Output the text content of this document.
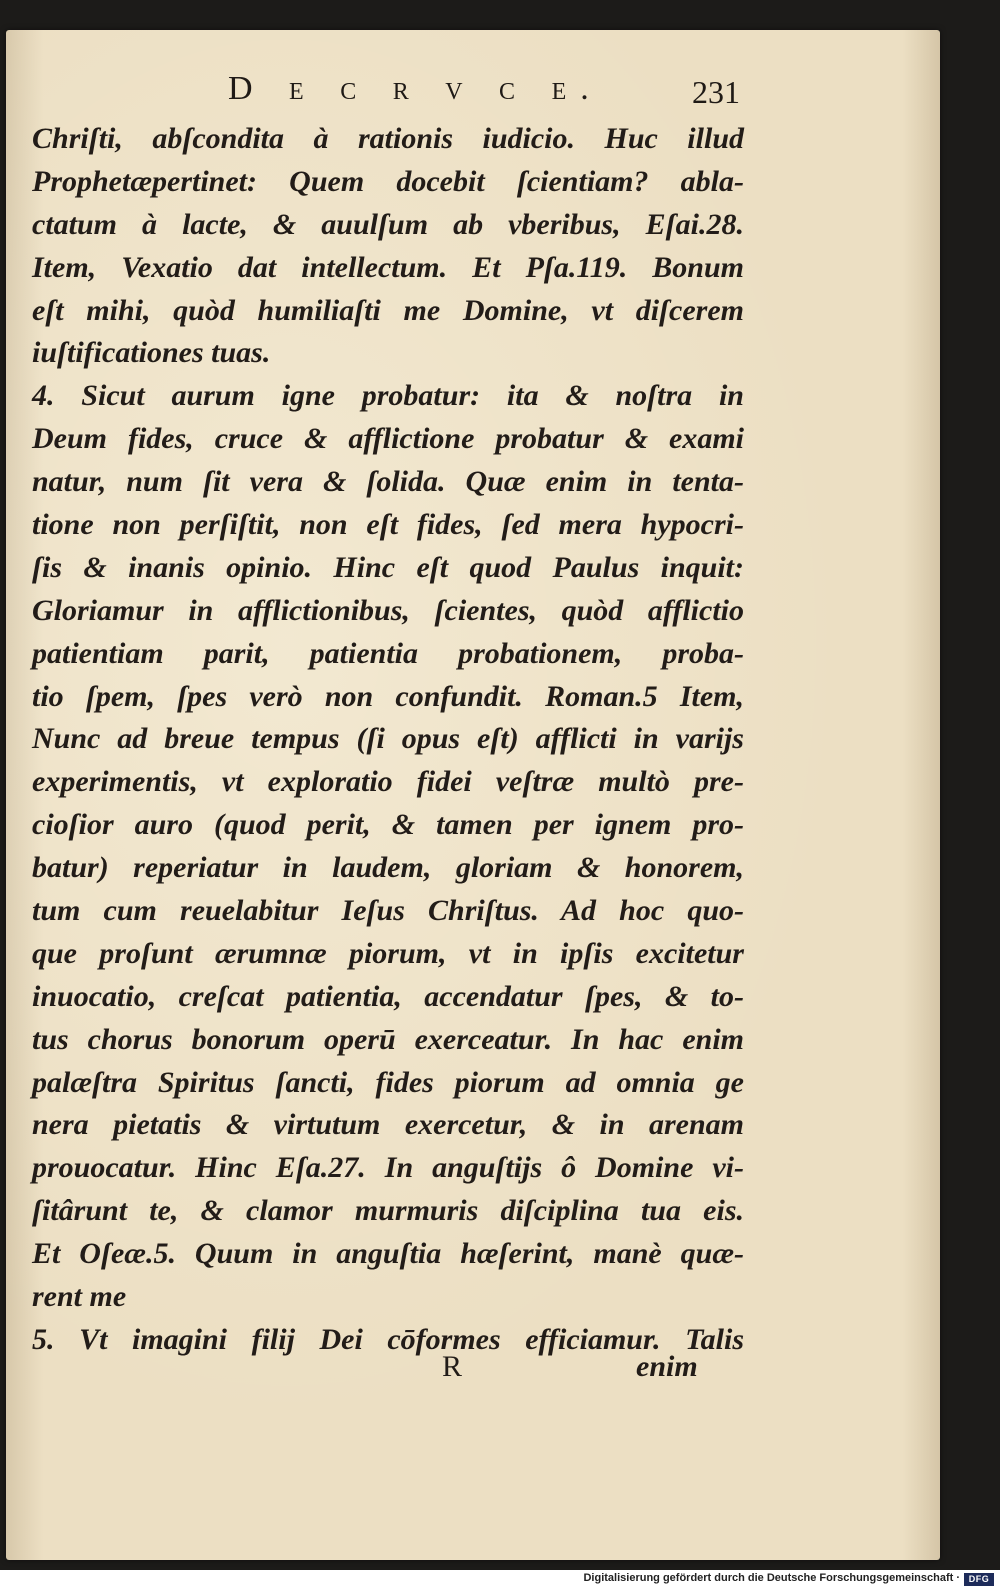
D e c r v c e.	231
Chriſti, abſcondita à rationis iudicio. Huc illud
Prophetæpertinet: Quem docebit ſcientiam? abla-
ctatum à lacte, & auulſum ab vberibus, Eſai.28.
Item, Vexatio dat intellectum. Et Pſa.119. Bonum
eſt mihi, quòd humiliaſti me Domine, vt diſcerem
iuſtificationes tuas.
4. Sicut aurum igne probatur: ita & noſtra in
Deum fides, cruce & afflictione probatur & exami
natur, num ſit vera & ſolida. Quæ enim in tenta-
tione non perſiſtit, non eſt fides, ſed mera hypocri-
ſis & inanis opinio. Hinc eſt quod Paulus inquit:
Gloriamur in afflictionibus, ſcientes, quòd afflictio
patientiam parit, patientia probationem, proba-
tio ſpem, ſpes verò non confundit. Roman.5 Item,
Nunc ad breue tempus (ſi opus eſt) afflicti in varijs
experimentis, vt exploratio fidei veſtræ multò pre-
cioſior auro (quod perit, & tamen per ignem pro-
batur) reperiatur in laudem, gloriam & honorem,
tum cum reuelabitur Ieſus Chriſtus. Ad hoc quo-
que proſunt ærumnæ piorum, vt in ipſis excitetur
inuocatio, creſcat patientia, accendatur ſpes, & to-
tus chorus bonorum operū exerceatur. In hac enim
palæſtra Spiritus ſancti, fides piorum ad omnia ge
nera pietatis & virtutum exercetur, & in arenam
prouocatur. Hinc Eſa.27. In anguſtijs ô Domine vi-
ſitârunt te, & clamor murmuris diſciplina tua eis.
Et Oſeæ.5. Quum in anguſtia hæſerint, manè quæ-
rent me
5. Vt imagini filij Dei cōformes efficiamur. Talis
R	enim
Digitalisierung gefördert durch die Deutsche Forschungsgemeinschaft · DFG
